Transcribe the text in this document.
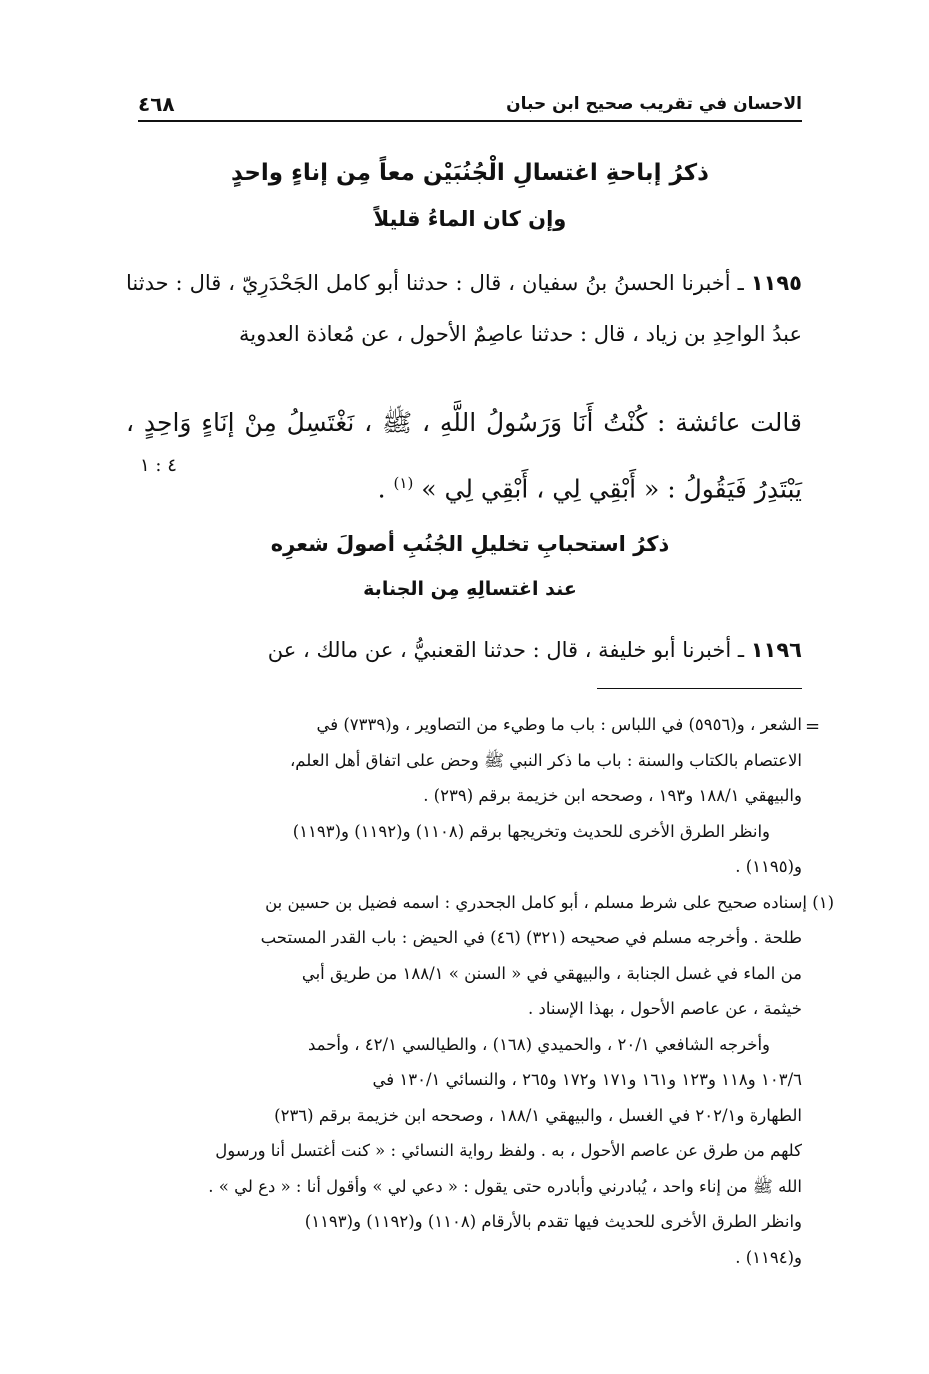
الاحسان في تقريب صحيح ابن حبان
٤٦٨
ذكرُ إباحةِ اغتسالِ الْجُنُبَيْن معاً مِن إناءٍ واحدٍ
وإن كان الماءُ قليلاً
١١٩٥ ـ أخبرنا الحسنُ بنُ سفيان ، قال : حدثنا أبو كامل الجَحْدَرِيّ ، قال : حدثنا عبدُ الواحِدِ بن زياد ، قال : حدثنا عاصِمٌ الأحول ، عن مُعاذة العدوية
قالت عائشة : كُنْتُ أَنَا وَرَسُولُ اللَّهِ ، ﷺ ، نَغْتَسِلُ مِنْ إنَاءٍ وَاحِدٍ ، يَبْتَدِرُ فَيَقُولُ : « أَبْقِي لِي ، أَبْقِي لِي » $^{(١)}$ .
٤ : ١
ذكرُ استحبابِ تخليلِ الجُنُبِ أصولَ شعرِه
عند اغتسالِهِ مِن الجنابة
١١٩٦ ـ أخبرنا أبو خليفة ، قال : حدثنا القعنبيُّ ، عن مالك ، عن
=

الشعر ، و(٥٩٥٦) في اللباس : باب ما وطيء من التصاوير ، و(٧٣٣٩) في

الاعتصام بالكتاب والسنة : باب ما ذكر النبي ﷺ وحض على اتفاق أهل العلم،

والبيهقي ١٨٨/١ و١٩٣ ، وصححه ابن خزيمة برقم (٢٣٩) .

وانظر الطرق الأخرى للحديث وتخريجها برقم (١١٠٨) و(١١٩٢) و(١١٩٣)

و(١١٩٥) .

(١) إسناده صحيح على شرط مسلم ، أبو كامل الجحدري : اسمه فضيل بن حسين بن

طلحة . وأخرجه مسلم في صحيحه (٣٢١) (٤٦) في الحيض : باب القدر المستحب

من الماء في غسل الجنابة ، والبيهقي في « السنن » ١٨٨/١ من طريق أبي

خيثمة ، عن عاصم الأحول ، بهذا الإسناد .

وأخرجه الشافعي ٢٠/١ ، والحميدي (١٦٨) ، والطيالسي ٤٢/١ ، وأحمد

١٠٣/٦ و١١٨ و١٢٣ و١٦١ و١٧١ و١٧٢ و٢٦٥ ، والنسائي ١٣٠/١ في

الطهارة و٢٠٢/١ في الغسل ، والبيهقي ١٨٨/١ ، وصححه ابن خزيمة برقم (٢٣٦)

كلهم من طرق عن عاصم الأحول ، به . ولفظ رواية النسائي : « كنت أغتسل أنا ورسول

الله ﷺ من إناء واحد ، يُبادرني وأبادره حتى يقول : « دعي لي » وأقول أنا : « دع لي » .

وانظر الطرق الأخرى للحديث فيها تقدم بالأرقام (١١٠٨) و(١١٩٢) و(١١٩٣)

و(١١٩٤) .
